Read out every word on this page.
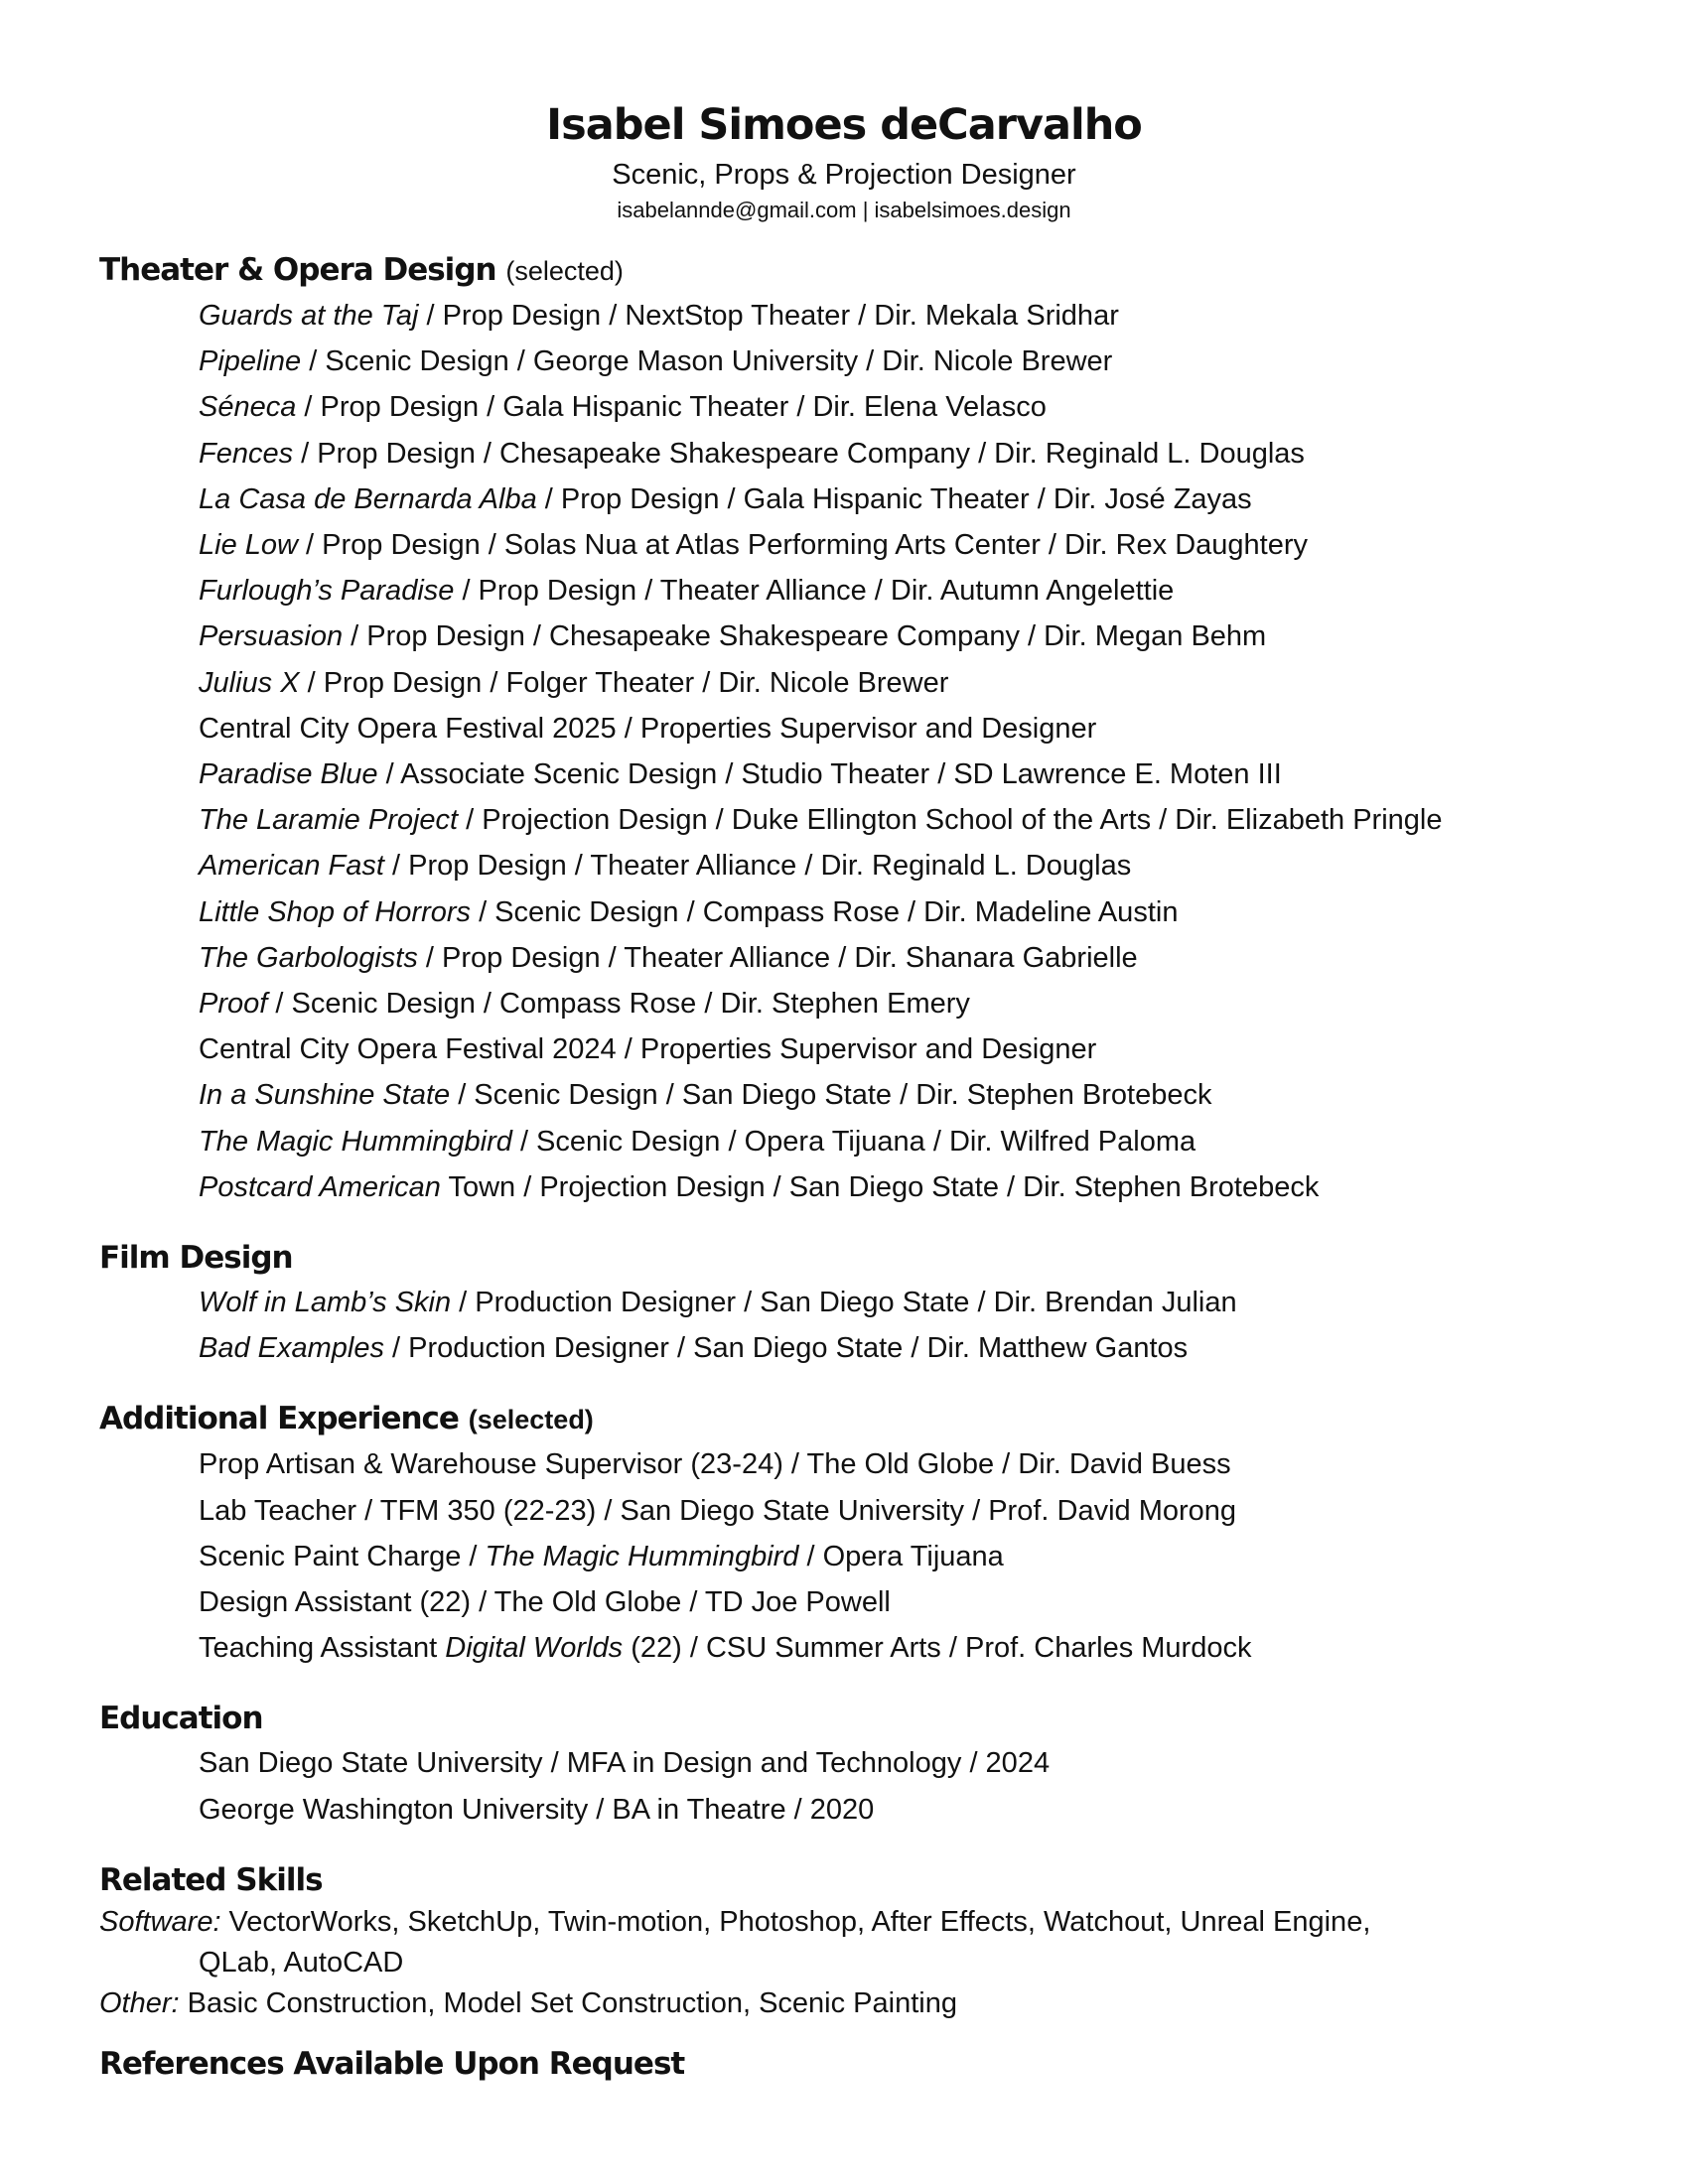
Isabel Simoes deCarvalho

Scenic, Props & Projection Designer

isabelannde@gmail.com | isabelsimoes.design

Theater & Opera Design (selected)
Guards at the Taj / Prop Design / NextStop Theater / Dir. Mekala Sridhar
Pipeline / Scenic Design / George Mason University / Dir. Nicole Brewer
Séneca / Prop Design / Gala Hispanic Theater / Dir. Elena Velasco
Fences / Prop Design / Chesapeake Shakespeare Company / Dir. Reginald L. Douglas
La Casa de Bernarda Alba / Prop Design / Gala Hispanic Theater / Dir. José Zayas
Lie Low / Prop Design / Solas Nua at Atlas Performing Arts Center / Dir. Rex Daughtery
Furlough’s Paradise / Prop Design / Theater Alliance / Dir. Autumn Angelettie
Persuasion / Prop Design / Chesapeake Shakespeare Company / Dir. Megan Behm
Julius X / Prop Design / Folger Theater / Dir. Nicole Brewer
Central City Opera Festival 2025 / Properties Supervisor and Designer
Paradise Blue / Associate Scenic Design / Studio Theater / SD Lawrence E. Moten III
The Laramie Project / Projection Design / Duke Ellington School of the Arts / Dir. Elizabeth Pringle
American Fast / Prop Design / Theater Alliance / Dir. Reginald L. Douglas
Little Shop of Horrors / Scenic Design / Compass Rose / Dir. Madeline Austin
The Garbologists / Prop Design / Theater Alliance / Dir. Shanara Gabrielle
Proof / Scenic Design / Compass Rose / Dir. Stephen Emery
Central City Opera Festival 2024 / Properties Supervisor and Designer
In a Sunshine State / Scenic Design / San Diego State / Dir. Stephen Brotebeck
The Magic Hummingbird / Scenic Design / Opera Tijuana / Dir. Wilfred Paloma
Postcard American Town / Projection Design / San Diego State / Dir. Stephen Brotebeck
Film Design
Wolf in Lamb’s Skin / Production Designer / San Diego State / Dir. Brendan Julian
Bad Examples / Production Designer / San Diego State / Dir. Matthew Gantos
Additional Experience (selected)
Prop Artisan & Warehouse Supervisor (23-24) / The Old Globe / Dir. David Buess
Lab Teacher / TFM 350 (22-23) / San Diego State University / Prof. David Morong
Scenic Paint Charge / The Magic Hummingbird / Opera Tijuana
Design Assistant (22) / The Old Globe / TD Joe Powell
Teaching Assistant Digital Worlds (22) / CSU Summer Arts / Prof. Charles Murdock
Education
San Diego State University / MFA in Design and Technology / 2024
George Washington University / BA in Theatre / 2020
Related Skills
Software: VectorWorks, SketchUp, Twin-motion, Photoshop, After Effects, Watchout, Unreal Engine,
QLab, AutoCAD
Other: Basic Construction, Model Set Construction, Scenic Painting
References Available Upon Request
